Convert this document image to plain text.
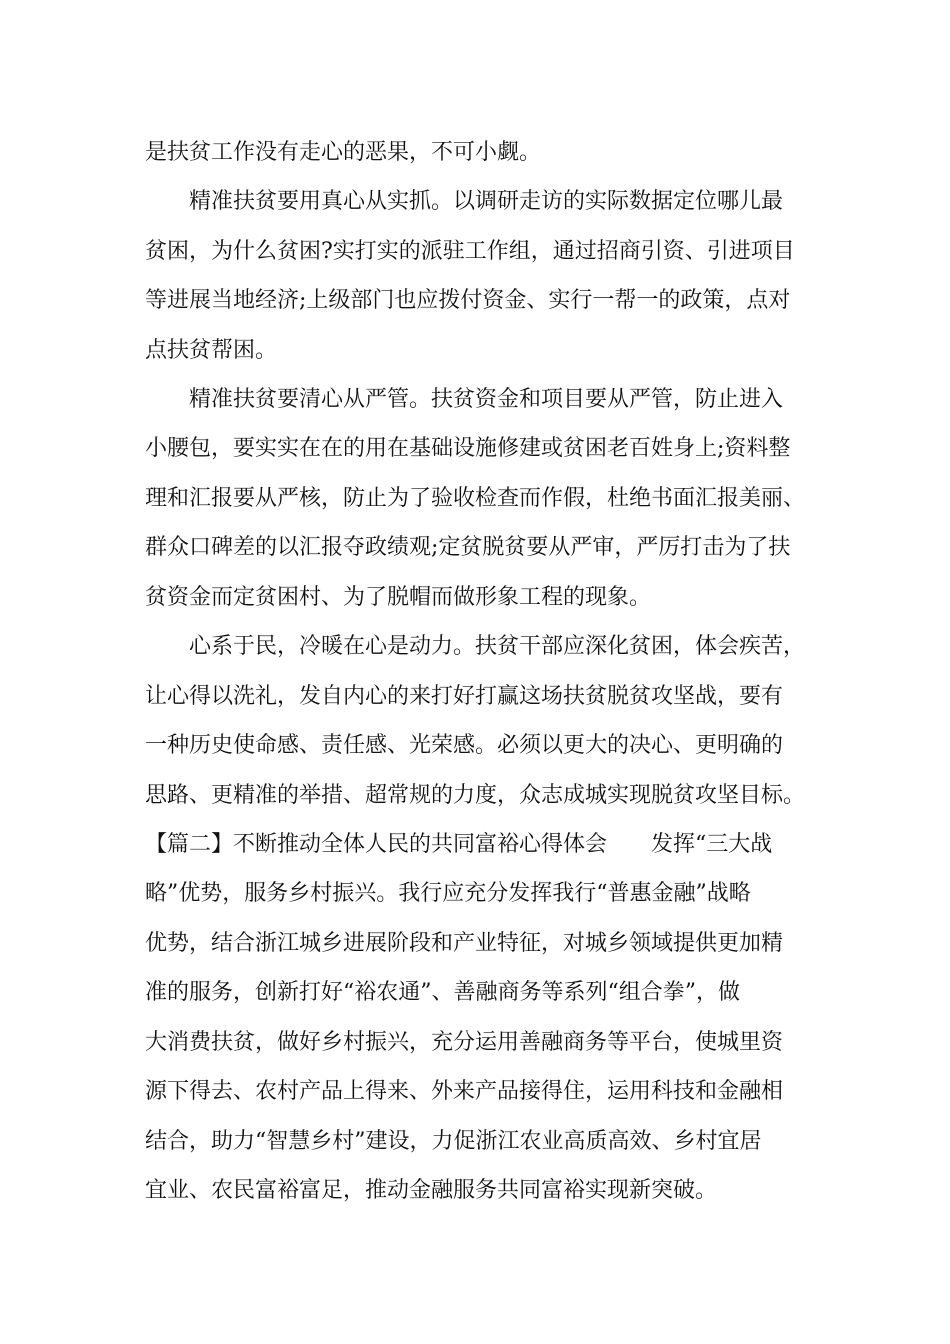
是扶贫工作没有走心的恶果，不可小觑。

精准扶贫要用真心从实抓。以调研走访的实际数据定位哪儿最

贫困，为什么贫困?实打实的派驻工作组，通过招商引资、引进项目

等进展当地经济;上级部门也应拨付资金、实行一帮一的政策，点对

点扶贫帮困。

精准扶贫要清心从严管。扶贫资金和项目要从严管，防止进入

小腰包，要实实在在的用在基础设施修建或贫困老百姓身上;资料整

理和汇报要从严核，防止为了验收检查而作假，杜绝书面汇报美丽、

群众口碑差的以汇报夺政绩观;定贫脱贫要从严审，严厉打击为了扶

贫资金而定贫困村、为了脱帽而做形象工程的现象。

心系于民，冷暖在心是动力。扶贫干部应深化贫困，体会疾苦，

让心得以洗礼，发自内心的来打好打赢这场扶贫脱贫攻坚战，要有

一种历史使命感、责任感、光荣感。必须以更大的决心、更明确的

思路、更精准的举措、超常规的力度，众志成城实现脱贫攻坚目标。

【篇二】不断推动全体人民的共同富裕心得体会　　发挥“三大战

略”优势，服务乡村振兴。我行应充分发挥我行“普惠金融”战略

优势，结合浙江城乡进展阶段和产业特征，对城乡领域提供更加精

准的服务，创新打好“裕农通”、善融商务等系列“组合拳”，做

大消费扶贫，做好乡村振兴，充分运用善融商务等平台，使城里资

源下得去、农村产品上得来、外来产品接得住，运用科技和金融相

结合，助力“智慧乡村”建设，力促浙江农业高质高效、乡村宜居

宜业、农民富裕富足，推动金融服务共同富裕实现新突破。
